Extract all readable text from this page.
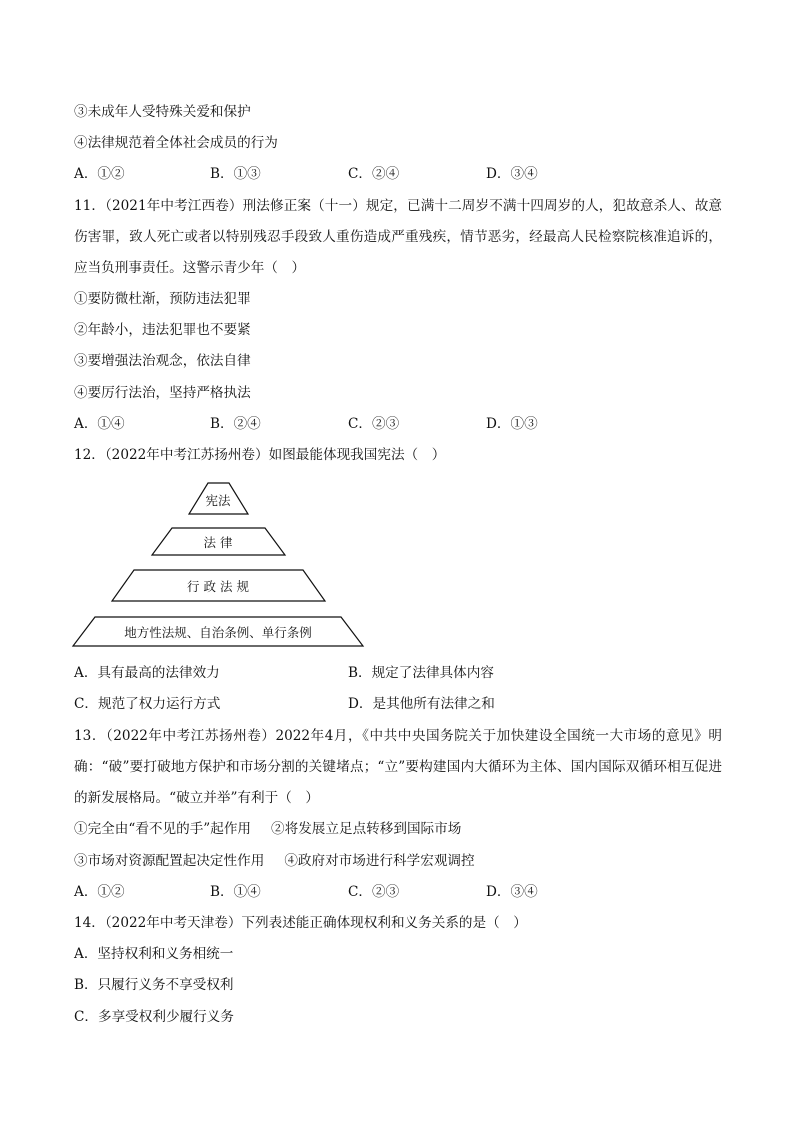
③未成年人受特殊关爱和保护
④法律规范着全体社会成员的行为
A．①②	B．①③	C．②④	D．③④
11．（2021年中考江西卷）刑法修正案（十一）规定，已满十二周岁不满十四周岁的人，犯故意杀人、故意伤害罪，致人死亡或者以特别残忍手段致人重伤造成严重残疾，情节恶劣，经最高人民检察院核准追诉的，应当负刑事责任。这警示青少年（　）
①要防微杜渐，预防违法犯罪
②年龄小，违法犯罪也不要紧
③要增强法治观念，依法自律
④要厉行法治，坚持严格执法
A．①④	B．②④	C．②③	D．①③
12．（2022年中考江苏扬州卷）如图最能体现我国宪法（　）
宪法
法 律
行 政 法 规
地方性法规、自治条例、单行条例
A．具有最高的法律效力	B．规定了法律具体内容
C．规范了权力运行方式	D．是其他所有法律之和
13．（2022年中考江苏扬州卷）2022年4月，《中共中央国务院关于加快建设全国统一大市场的意见》明确：“破”要打破地方保护和市场分割的关键堵点；“立”要构建国内大循环为主体、国内国际双循环相互促进的新发展格局。“破立并举”有利于（　）
①完全由“看不见的手”起作用 ②将发展立足点转移到国际市场
③市场对资源配置起决定性作用 ④政府对市场进行科学宏观调控
A．①②	B．①④	C．②③	D．③④
14．（2022年中考天津卷）下列表述能正确体现权利和义务关系的是（　）
A．坚持权利和义务相统一
B．只履行义务不享受权利
C．多享受权利少履行义务
